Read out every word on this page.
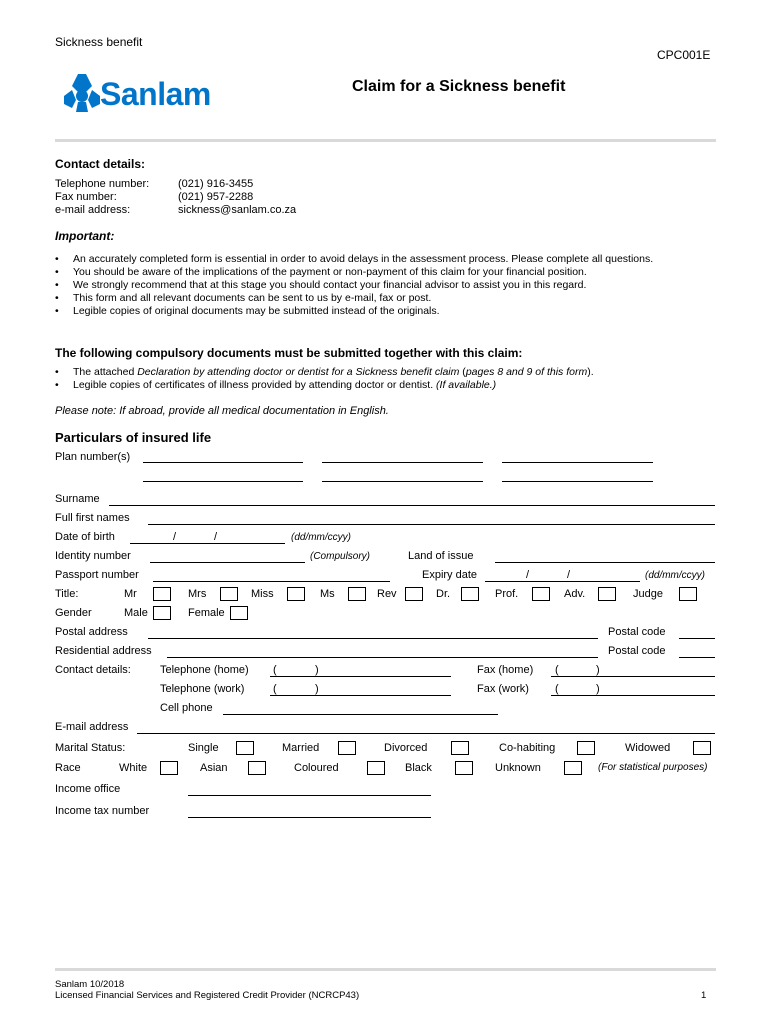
Sickness benefit
CPC001E
Sanlam	Claim for a Sickness benefit
Contact details:
Telephone number:	(021) 916-3455
Fax number:	(021) 957-2288
e-mail address:	sickness@sanlam.co.za
Important:
• An accurately completed form is essential in order to avoid delays in the assessment process. Please complete all questions.
• You should be aware of the implications of the payment or non-payment of this claim for your financial position.
• We strongly recommend that at this stage you should contact your financial advisor to assist you in this regard.
• This form and all relevant documents can be sent to us by e-mail, fax or post.
• Legible copies of original documents may be submitted instead of the originals.
The following compulsory documents must be submitted together with this claim:
• The attached Declaration by attending doctor or dentist for a Sickness benefit claim (pages 8 and 9 of this form).
• Legible copies of certificates of illness provided by attending doctor or dentist. (If available.)
Please note: If abroad, provide all medical documentation in English.
Particulars of insured life
Plan number(s)
Surname
Full first names
Date of birth	/	/	(dd/mm/ccyy)
Identity number	(Compulsory)	Land of issue
Passport number	Expiry date	/	/	(dd/mm/ccyy)
Title:	Mr	Mrs	Miss	Ms	Rev	Dr.	Prof.	Adv.	Judge
Gender	Male	Female
Postal address	Postal code
Residential address	Postal code
Contact details:	Telephone (home) (	)	Fax (home) (	)
Telephone (work)	(	)	Fax (work) (	)
Cell phone
E-mail address
Marital Status:	Single	Married	Divorced	Co-habiting	Widowed
Race	White	Asian	Coloured	Black	Unknown	(For statistical purposes)
Income office
Income tax number
Sanlam 10/2018
Licensed Financial Services and Registered Credit Provider (NCRCP43)	1
